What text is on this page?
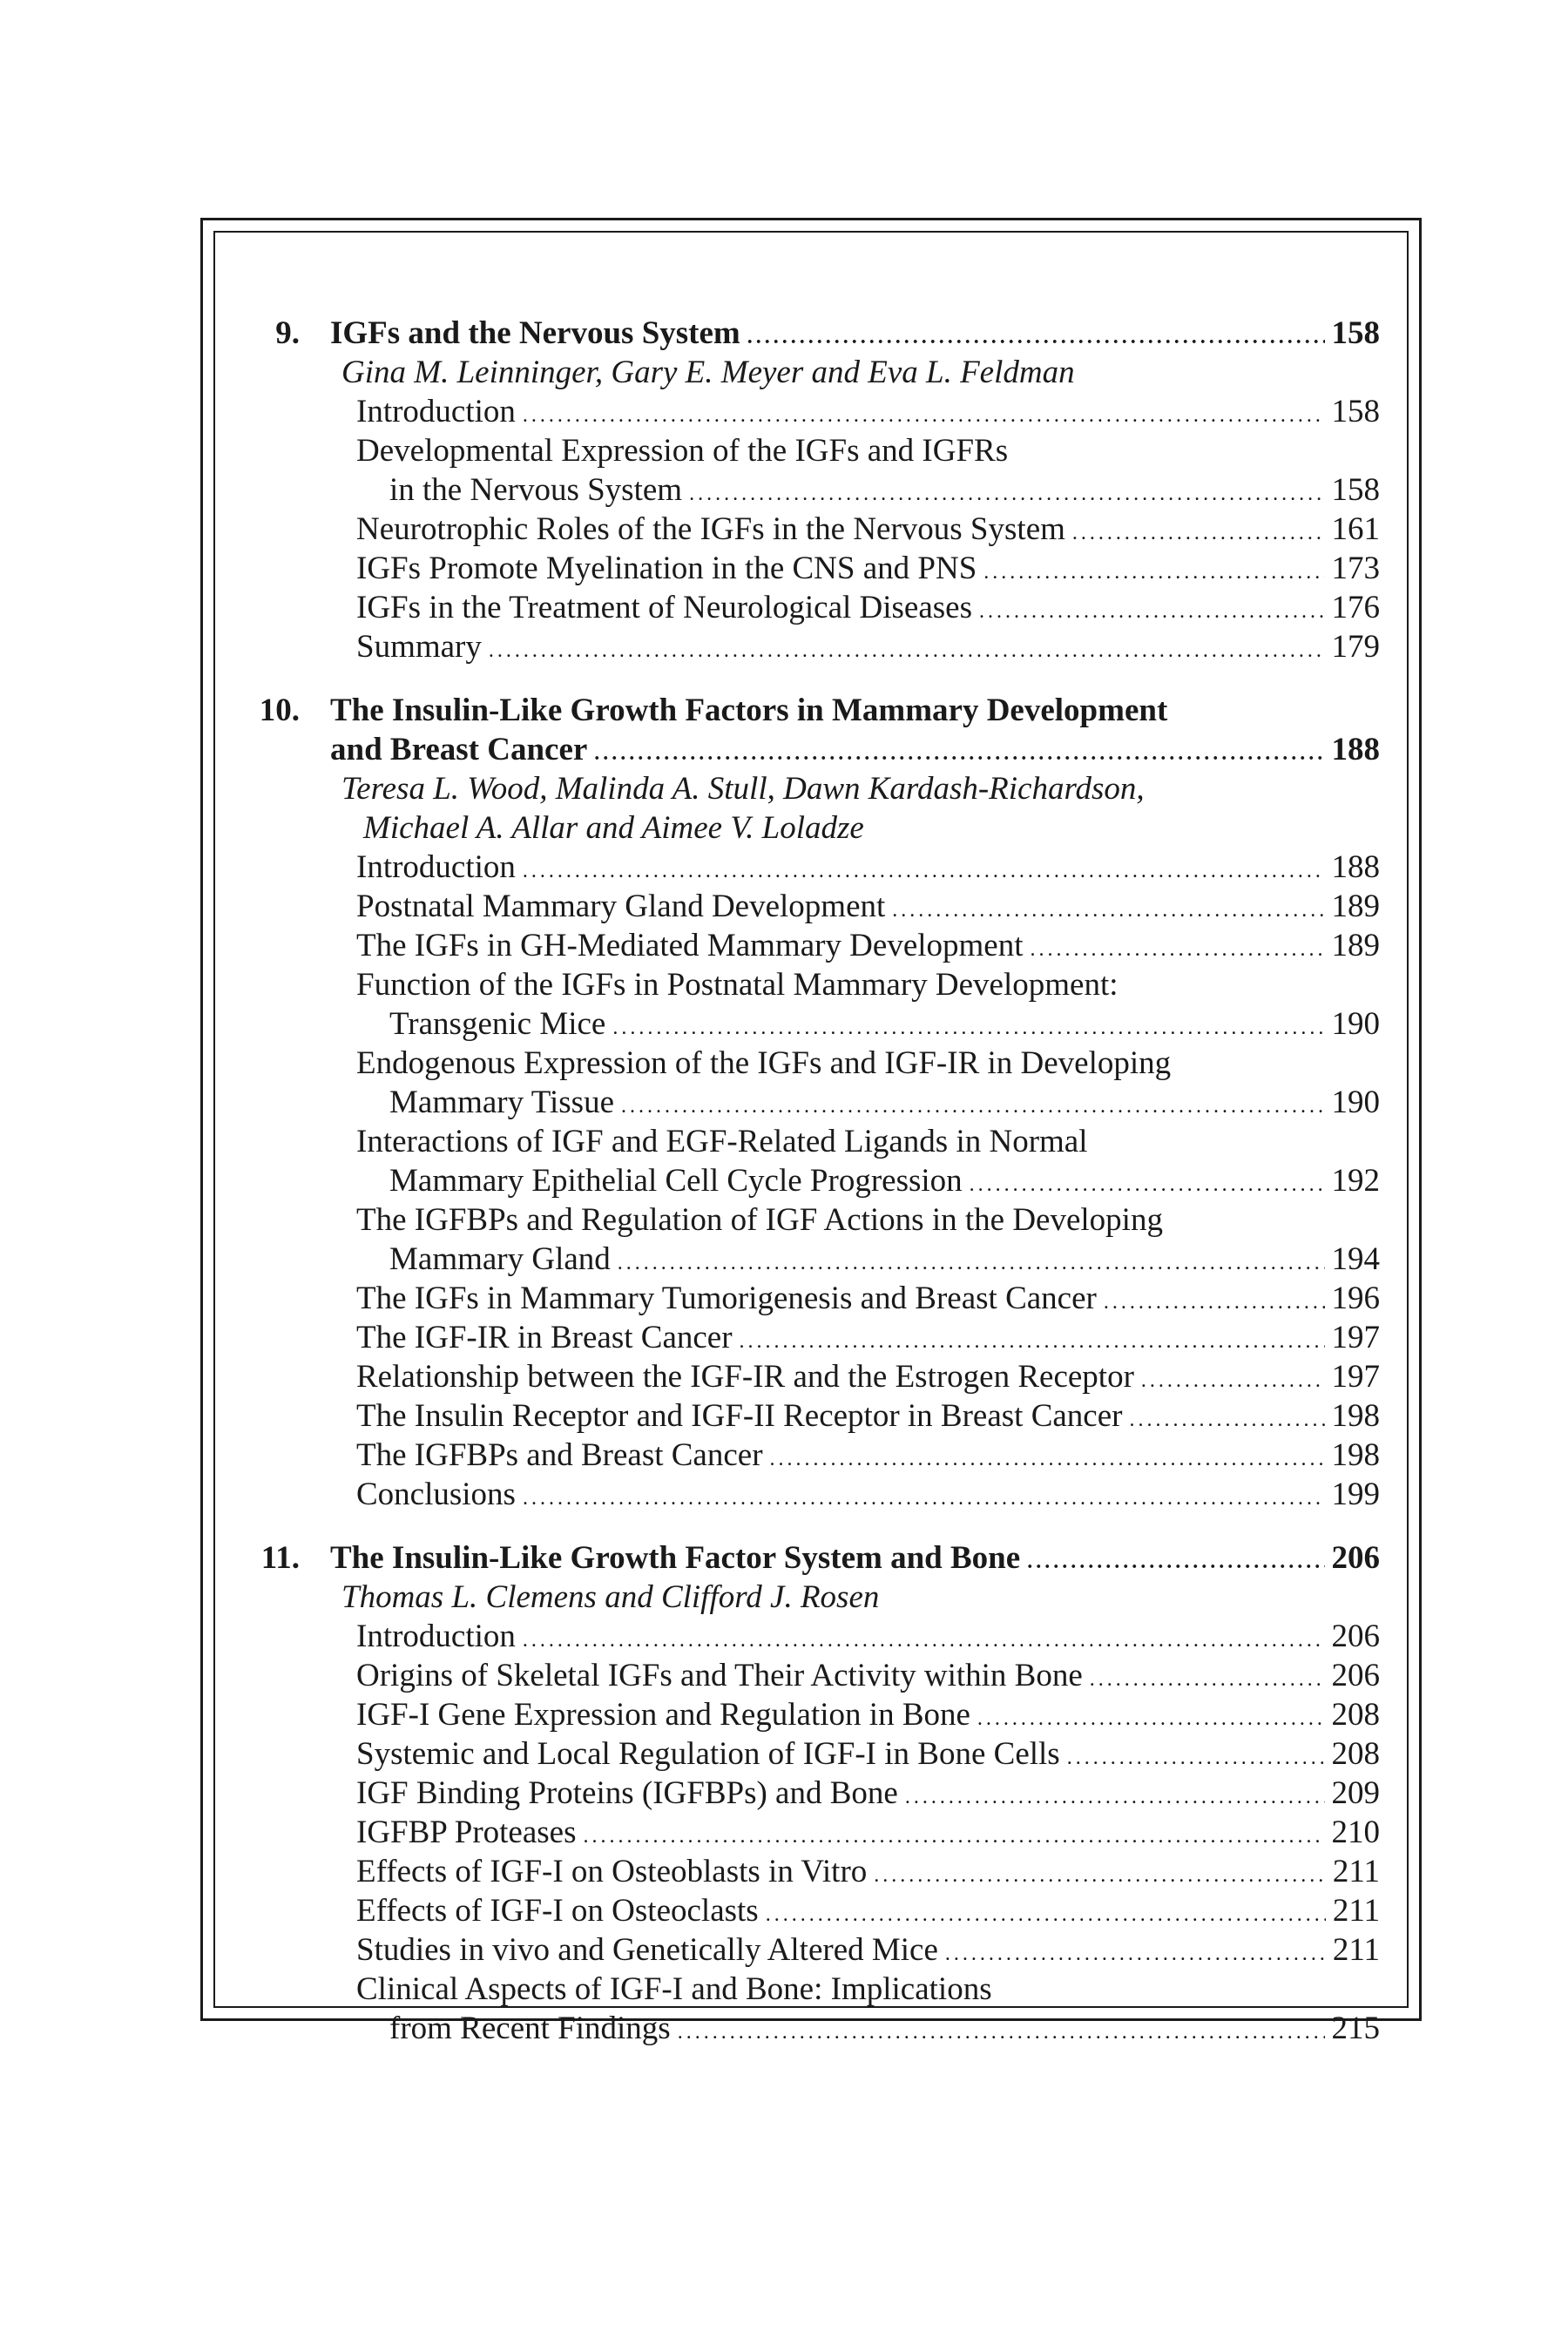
9. IGFs and the Nervous System .....	158
Gina M. Leinninger, Gary E. Meyer and Eva L. Feldman
Introduction .....	158
Developmental Expression of the IGFs and IGFRs
in the Nervous System .....	158
Neurotrophic Roles of the IGFs in the Nervous System .....	161
IGFs Promote Myelination in the CNS and PNS .....	173
IGFs in the Treatment of Neurological Diseases .....	176
Summary .....	179
10. The Insulin-Like Growth Factors in Mammary Development
and Breast Cancer .....	188
Teresa L. Wood, Malinda A. Stull, Dawn Kardash-Richardson,
Michael A. Allar and Aimee V. Loladze
Introduction .....	188
Postnatal Mammary Gland Development .....	189
The IGFs in GH-Mediated Mammary Development .....	189
Function of the IGFs in Postnatal Mammary Development:
Transgenic Mice .....	190
Endogenous Expression of the IGFs and IGF-IR in Developing
Mammary Tissue .....	190
Interactions of IGF and EGF-Related Ligands in Normal
Mammary Epithelial Cell Cycle Progression .....	192
The IGFBPs and Regulation of IGF Actions in the Developing
Mammary Gland .....	194
The IGFs in Mammary Tumorigenesis and Breast Cancer .....	196
The IGF-IR in Breast Cancer .....	197
Relationship between the IGF-IR and the Estrogen Receptor .....	197
The Insulin Receptor and IGF-II Receptor in Breast Cancer .....	198
The IGFBPs and Breast Cancer .....	198
Conclusions .....	199
11. The Insulin-Like Growth Factor System and Bone .....	206
Thomas L. Clemens and Clifford J. Rosen
Introduction .....	206
Origins of Skeletal IGFs and Their Activity within Bone .....	206
IGF-I Gene Expression and Regulation in Bone .....	208
Systemic and Local Regulation of IGF-I in Bone Cells .....	208
IGF Binding Proteins (IGFBPs) and Bone .....	209
IGFBP Proteases .....	210
Effects of IGF-I on Osteoblasts in Vitro .....	211
Effects of IGF-I on Osteoclasts .....	211
Studies in vivo and Genetically Altered Mice .....	211
Clinical Aspects of IGF-I and Bone: Implications
from Recent Findings .....	215
